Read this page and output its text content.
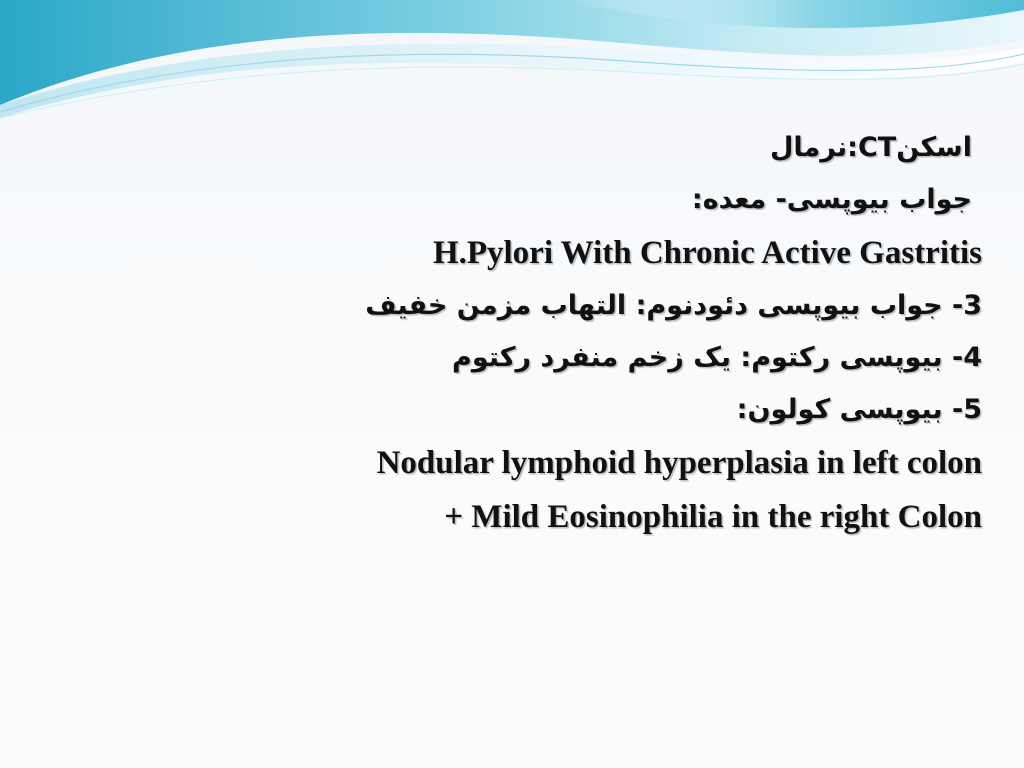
اسکنCT:نرمال

جواب بیوپسی- معده:

H.Pylori With Chronic Active Gastritis

3- جواب بیوپسی دئودنوم: التهاب مزمن خفیف

4- بیوپسی رکتوم: یک زخم منفرد رکتوم

5- بیوپسی کولون:

Nodular lymphoid hyperplasia in left colon

+ Mild Eosinophilia in the right Colon
